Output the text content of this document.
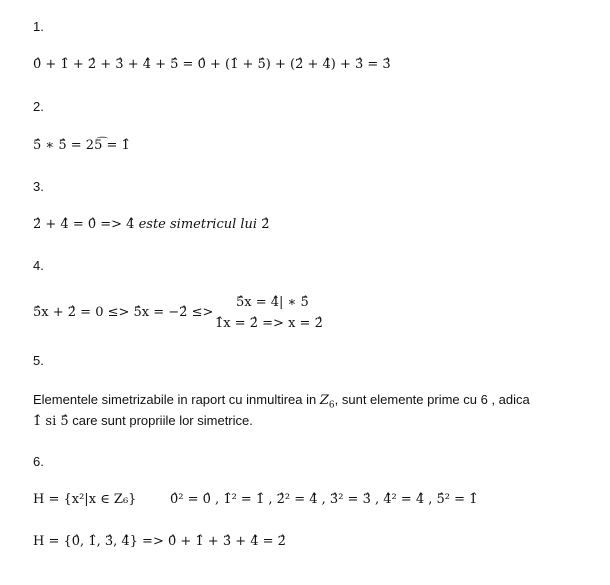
1.
0̂ + 1̂ + 2̂ + 3̂ + 4̂ + 5̂ = 0̂ + (1̂ + 5̂) + (2̂ + 4̂) + 3̂ = 3̂
2.
5̂ ∗ 5̂ = 25͡ = 1̂
3.
2̂ + 4̂ = 0̂ => 4̂ este simetricul lui 2̂
4.
5̂x + 2̂ = 0 ≤> 5̂x = −2̂ ≤>
5̂x = 4̂| ∗ 5̂
1̂x = 2̂ => x = 2̂
5.
Elementele simetrizabile in raport cu inmultirea in $Z_6$, sunt elemente prime cu 6 , adica
1̂ si 5̂ care sunt propriile lor simetrice.
6.
H = {x²|x ∈ Z₆}	0̂² = 0̂ , 1̂² = 1̂ , 2̂² = 4̂ , 3̂² = 3̂ , 4̂² = 4̂ , 5̂² = 1̂
H = {0̂, 1̂, 3̂, 4̂} => 0̂ + 1̂ + 3̂ + 4̂ = 2̂
